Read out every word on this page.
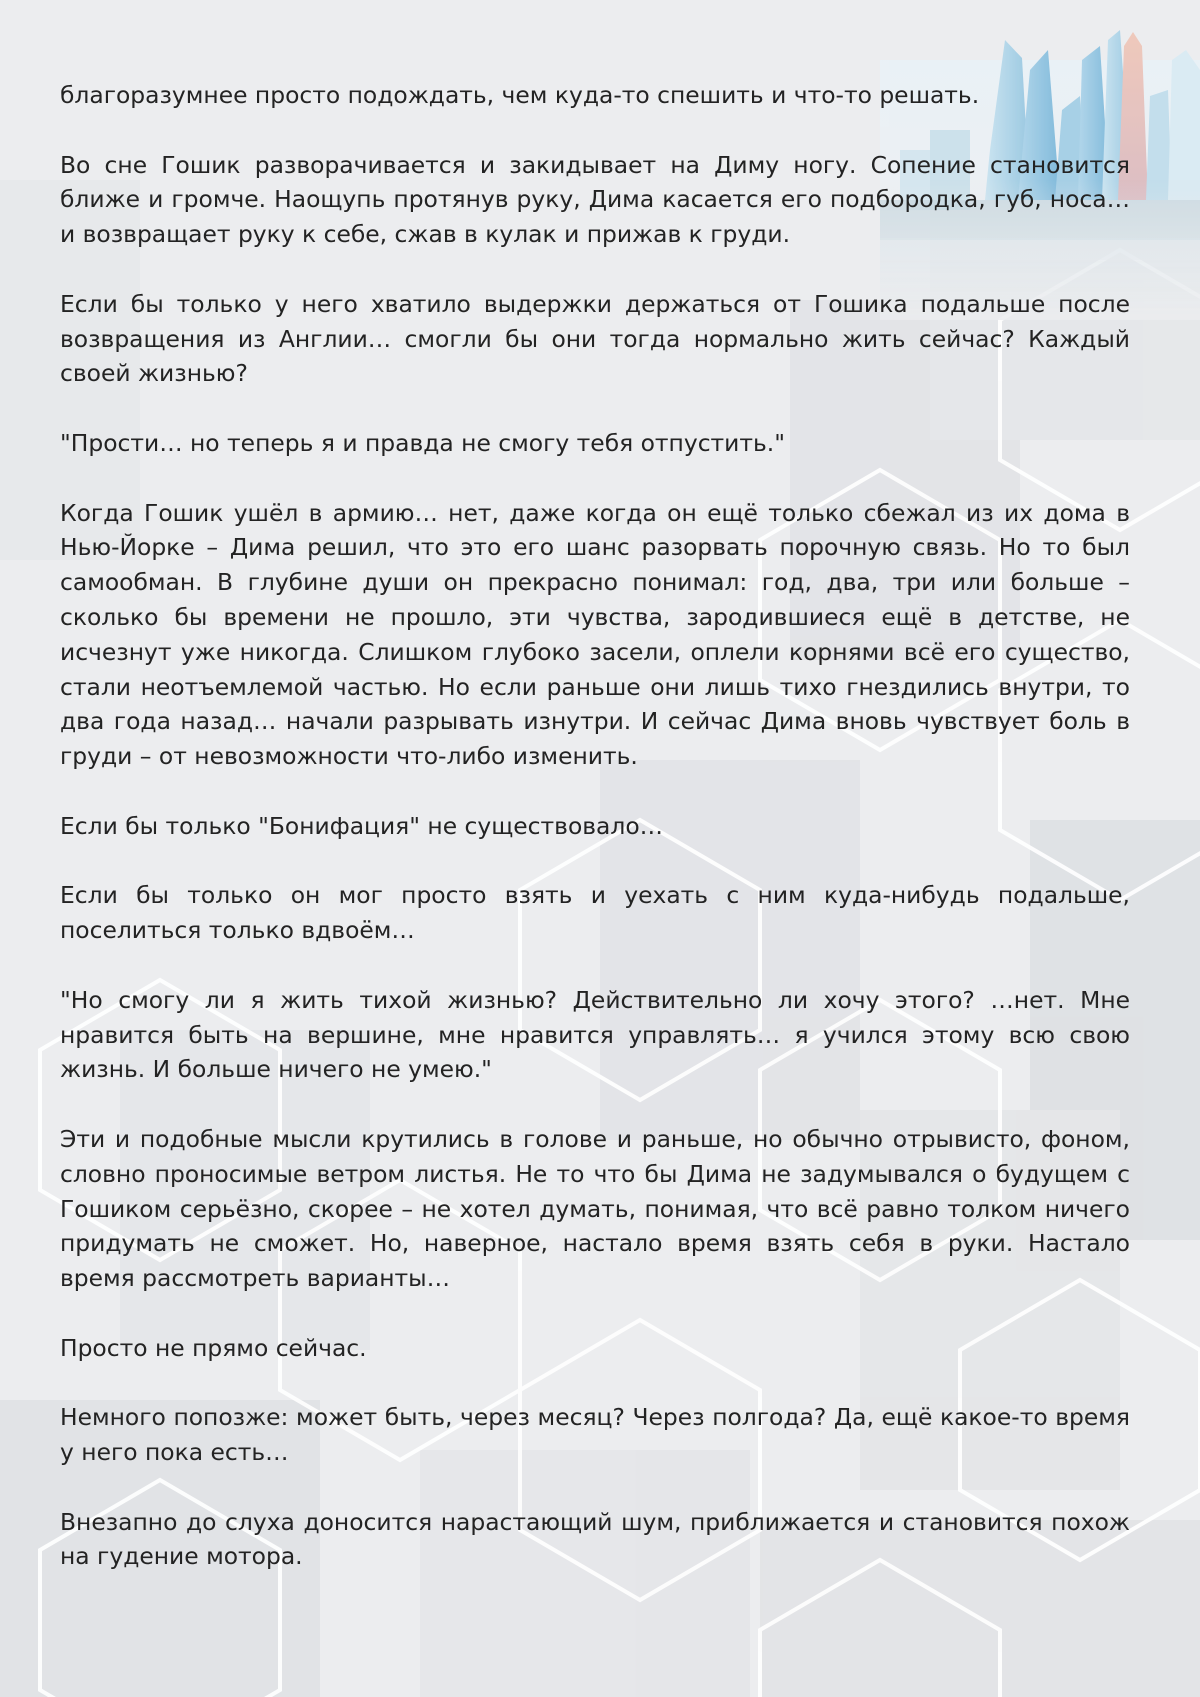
благоразумнее просто подождать, чем куда-то спешить и что-то решать.

Во сне Гошик разворачивается и закидывает на Диму ногу. Сопение становится ближе и громче. Наощупь протянув руку, Дима касается его подбородка, губ, носа… и возвращает руку к себе, сжав в кулак и прижав к груди.

Если бы только у него хватило выдержки держаться от Гошика подальше после возвращения из Англии… смогли бы они тогда нормально жить сейчас? Каждый своей жизнью?

"Прости… но теперь я и правда не смогу тебя отпустить."

Когда Гошик ушёл в армию… нет, даже когда он ещё только сбежал из их дома в Нью-Йорке – Дима решил, что это его шанс разорвать порочную связь. Но то был самообман. В глубине души он прекрасно понимал: год, два, три или больше – сколько бы времени не прошло, эти чувства, зародившиеся ещё в детстве, не исчезнут уже никогда. Слишком глубоко засели, оплели корнями всё его существо, стали неотъемлемой частью. Но если раньше они лишь тихо гнездились внутри, то два года назад… начали разрывать изнутри. И сейчас Дима вновь чувствует боль в груди – от невозможности что-либо изменить.

Если бы только "Бонифация" не существовало…

Если бы только он мог просто взять и уехать с ним куда-нибудь подальше, поселиться только вдвоём…

"Но смогу ли я жить тихой жизнью? Действительно ли хочу этого? …нет. Мне нравится быть на вершине, мне нравится управлять… я учился этому всю свою жизнь. И больше ничего не умею."

Эти и подобные мысли крутились в голове и раньше, но обычно отрывисто, фоном, словно проносимые ветром листья. Не то что бы Дима не задумывался о будущем с Гошиком серьёзно, скорее – не хотел думать, понимая, что всё равно толком ничего придумать не сможет. Но, наверное, настало время взять себя в руки. Настало время рассмотреть варианты…

Просто не прямо сейчас.

Немного попозже: может быть, через месяц? Через полгода? Да, ещё какое-то время у него пока есть…

Внезапно до слуха доносится нарастающий шум, приближается и становится похож на гудение мотора.
